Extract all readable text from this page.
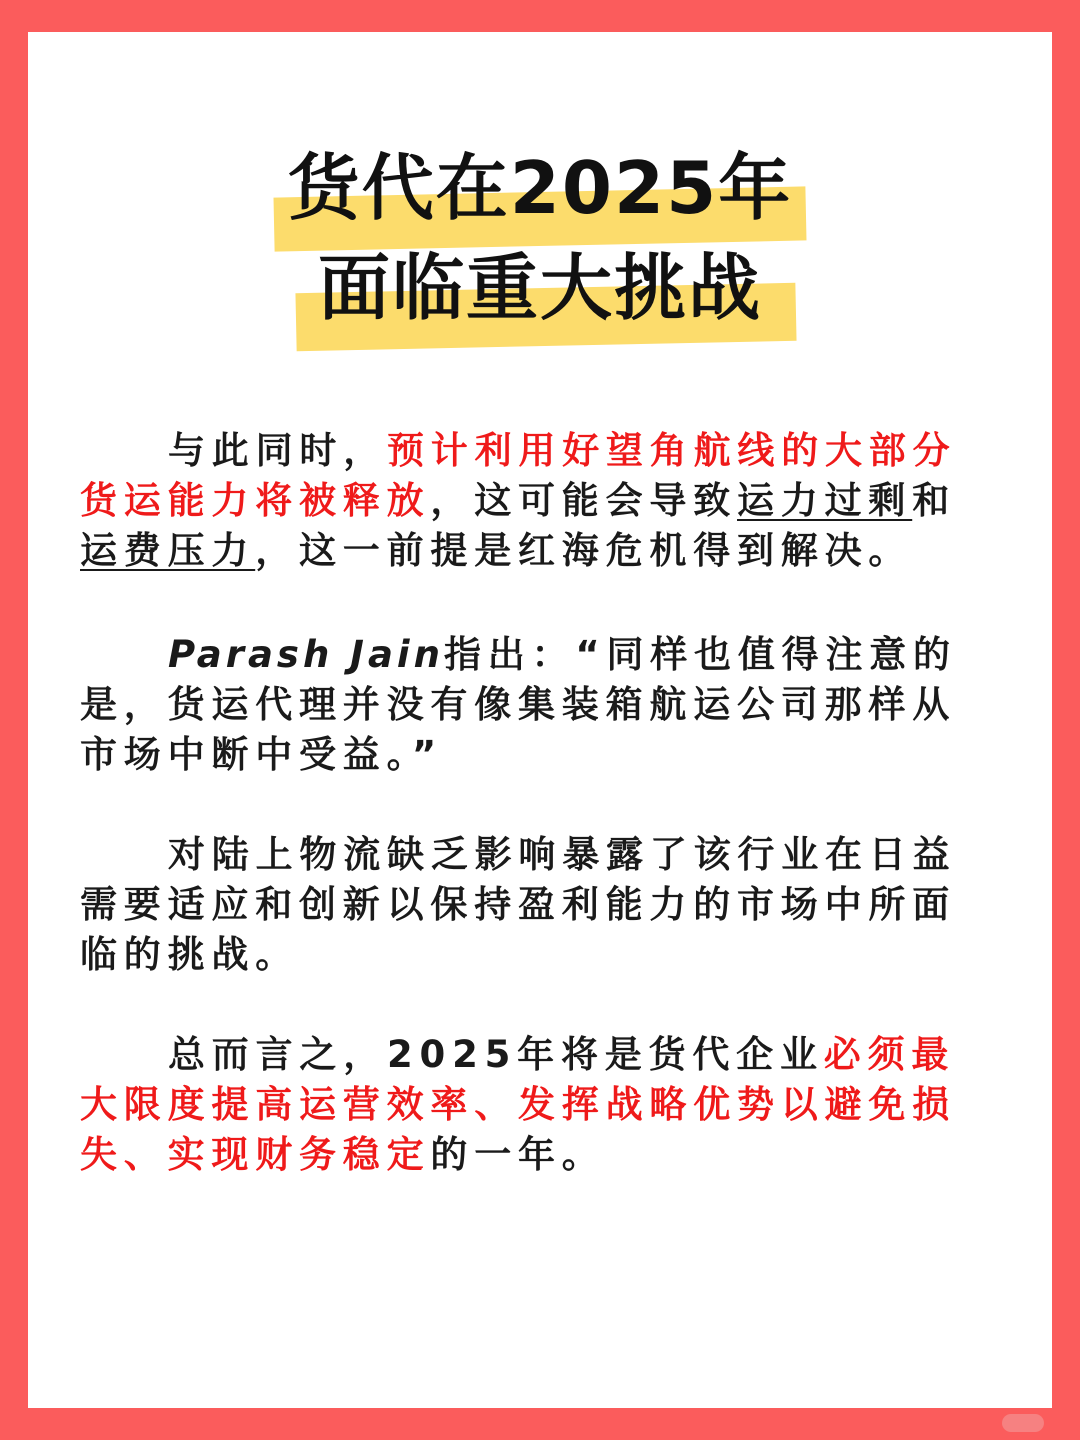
货代在2025年
面临重大挑战

与此同时，预计利用好望角航线的大部分货运能力将被释放，这可能会导致运力过剩和运费压力，这一前提是红海危机得到解决。

Parash Jain指出：“同样也值得注意的是，货运代理并没有像集装箱航运公司那样从市场中断中受益。”

对陆上物流缺乏影响暴露了该行业在日益需要适应和创新以保持盈利能力的市场中所面临的挑战。

总而言之，2025年将是货代企业必须最大限度提高运营效率、发挥战略优势以避免损失、实现财务稳定的一年。
